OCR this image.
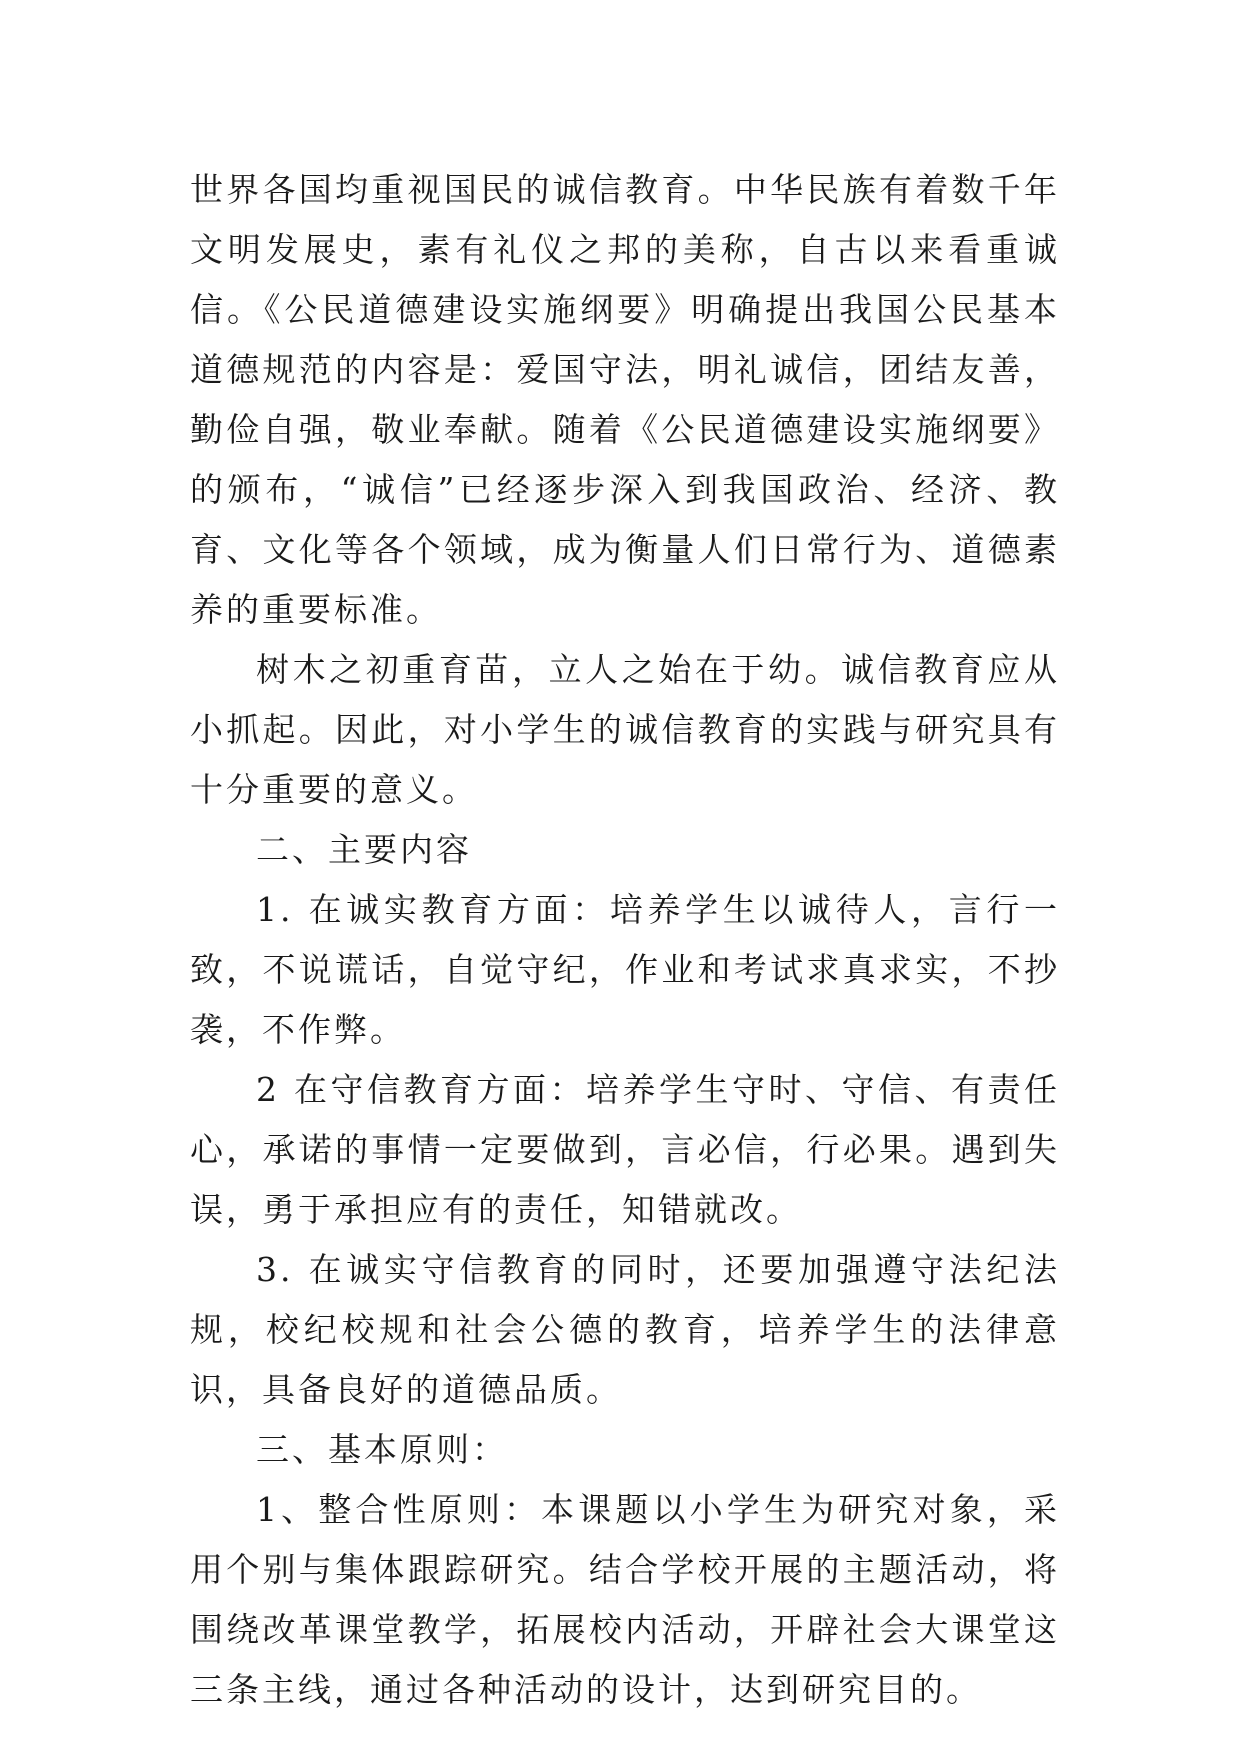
世界各国均重视国民的诚信教育。中华民族有着数千年文明发展史，素有礼仪之邦的美称，自古以来看重诚信。《公民道德建设实施纲要》明确提出我国公民基本道德规范的内容是：爱国守法，明礼诚信，团结友善，勤俭自强，敬业奉献。随着《公民道德建设实施纲要》的颁布，“诚信”已经逐步深入到我国政治、经济、教育、文化等各个领域，成为衡量人们日常行为、道德素养的重要标准。

树木之初重育苗，立人之始在于幼。诚信教育应从小抓起。因此，对小学生的诚信教育的实践与研究具有十分重要的意义。

二、主要内容

1. 在诚实教育方面：培养学生以诚待人，言行一致，不说谎话，自觉守纪，作业和考试求真求实，不抄袭，不作弊。

2 在守信教育方面：培养学生守时、守信、有责任心，承诺的事情一定要做到，言必信，行必果。遇到失误，勇于承担应有的责任，知错就改。

3. 在诚实守信教育的同时，还要加强遵守法纪法规，校纪校规和社会公德的教育，培养学生的法律意识，具备良好的道德品质。

三、基本原则：

1、整合性原则：本课题以小学生为研究对象，采用个别与集体跟踪研究。结合学校开展的主题活动，将围绕改革课堂教学，拓展校内活动，开辟社会大课堂这三条主线，通过各种活动的设计，达到研究目的。
